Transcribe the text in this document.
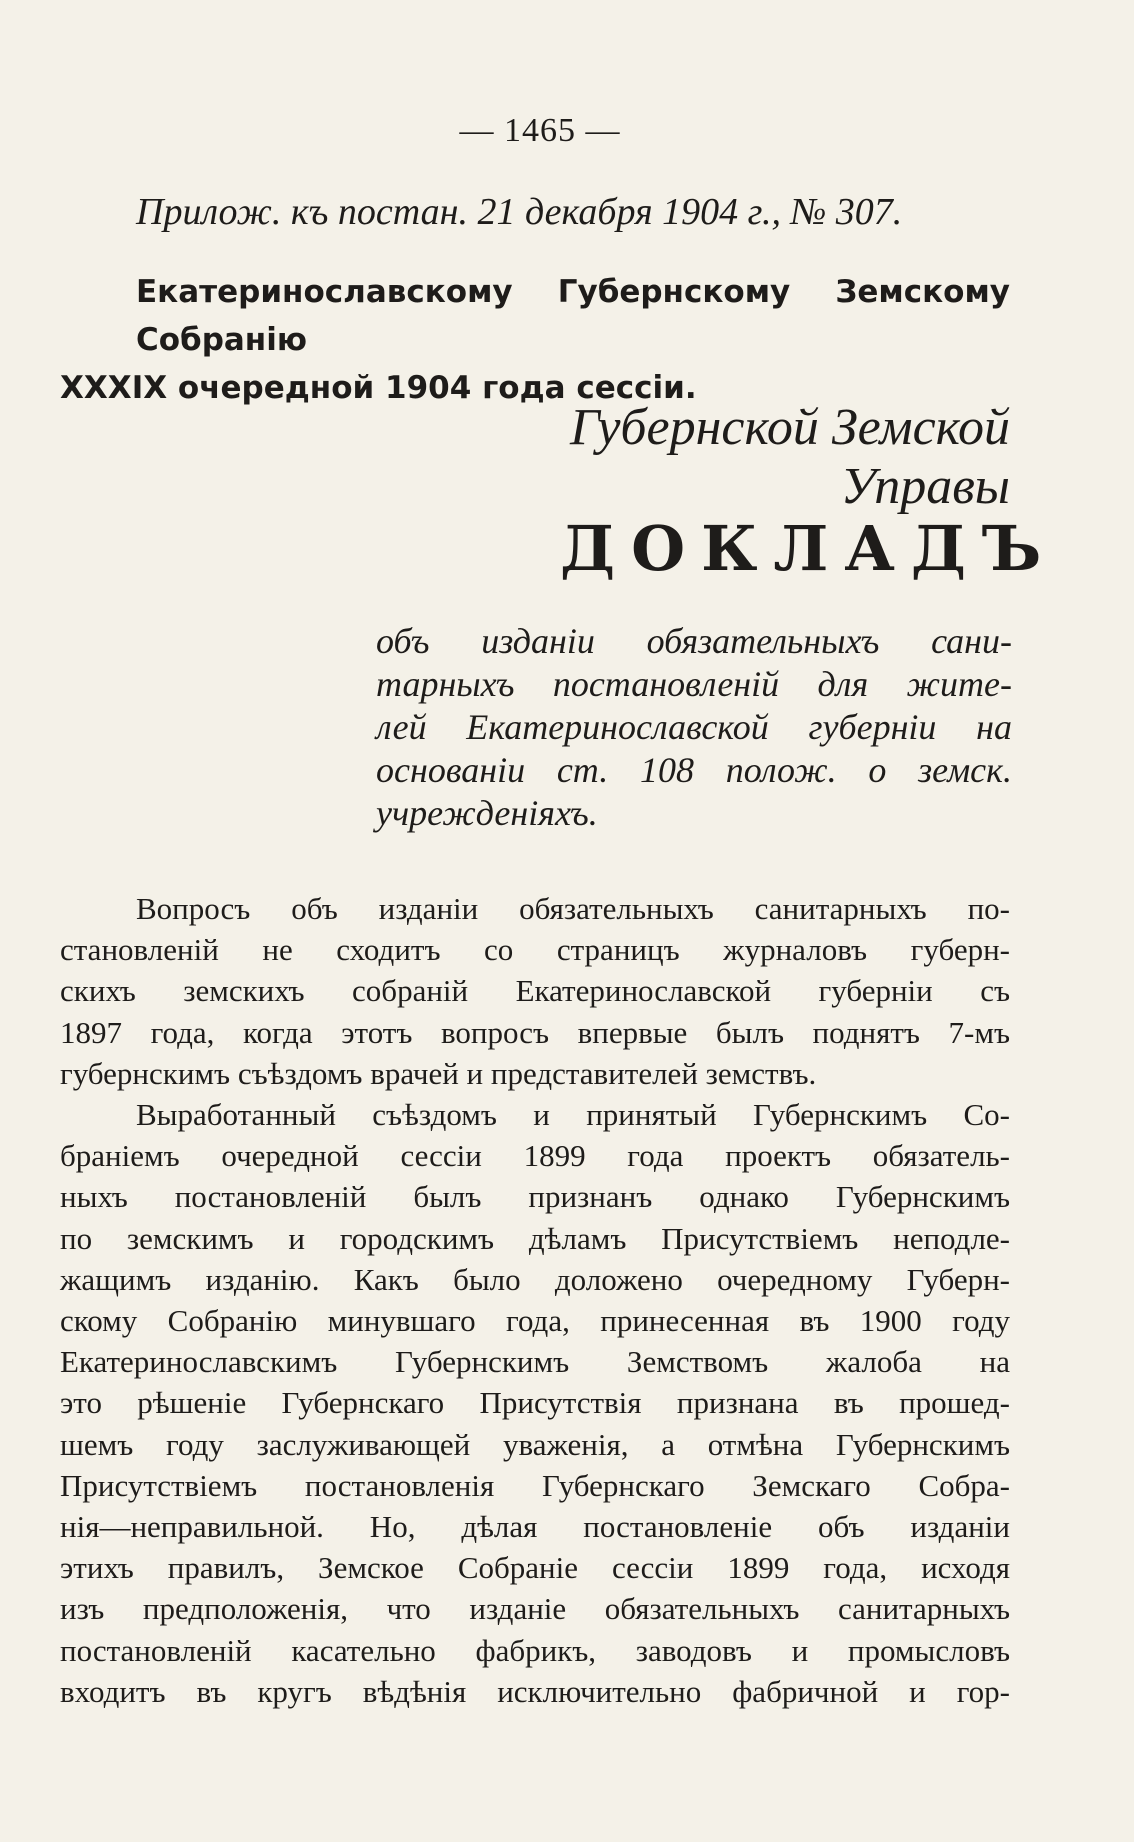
— 1465 —
Прилож. къ постан. 21 декабря 1904 г., № 307.
Екатеринославскому Губернскому Земскому Собранію
XXXIX очередной 1904 года сессіи.
Губернской Земской Управы
ДОКЛАДЪ
объ изданіи обязательныхъ сани-
тарныхъ постановленій для жите-
лей Екатеринославской губерніи на
основаніи ст. 108 полож. о земск.
учрежденіяхъ.
Вопросъ объ изданіи обязательныхъ санитарныхъ по-
становленій не сходитъ со страницъ журналовъ губерн-
скихъ земскихъ собраній Екатеринославской губерніи съ
1897 года, когда этотъ вопросъ впервые былъ поднятъ 7-мъ
губернскимъ съѣздомъ врачей и представителей земствъ.
Выработанный съѣздомъ и принятый Губернскимъ Со-
браніемъ очередной сессіи 1899 года проектъ обязатель-
ныхъ постановленій былъ признанъ однако Губернскимъ
по земскимъ и городскимъ дѣламъ Присутствіемъ неподле-
жащимъ изданію. Какъ было доложено очередному Губерн-
скому Собранію минувшаго года, принесенная въ 1900 году
Екатеринославскимъ Губернскимъ Земствомъ жалоба на
это рѣшеніе Губернскаго Присутствія признана въ прошед-
шемъ году заслуживающей уваженія, а отмѣна Губернскимъ
Присутствіемъ постановленія Губернскаго Земскаго Собра-
нія—неправильной. Но, дѣлая постановленіе объ изданіи
этихъ правилъ, Земское Собраніе сессіи 1899 года, исходя
изъ предположенія, что изданіе обязательныхъ санитарныхъ
постановленій касательно фабрикъ, заводовъ и промысловъ
входитъ въ кругъ вѣдѣнія исключительно фабричной и гор-
